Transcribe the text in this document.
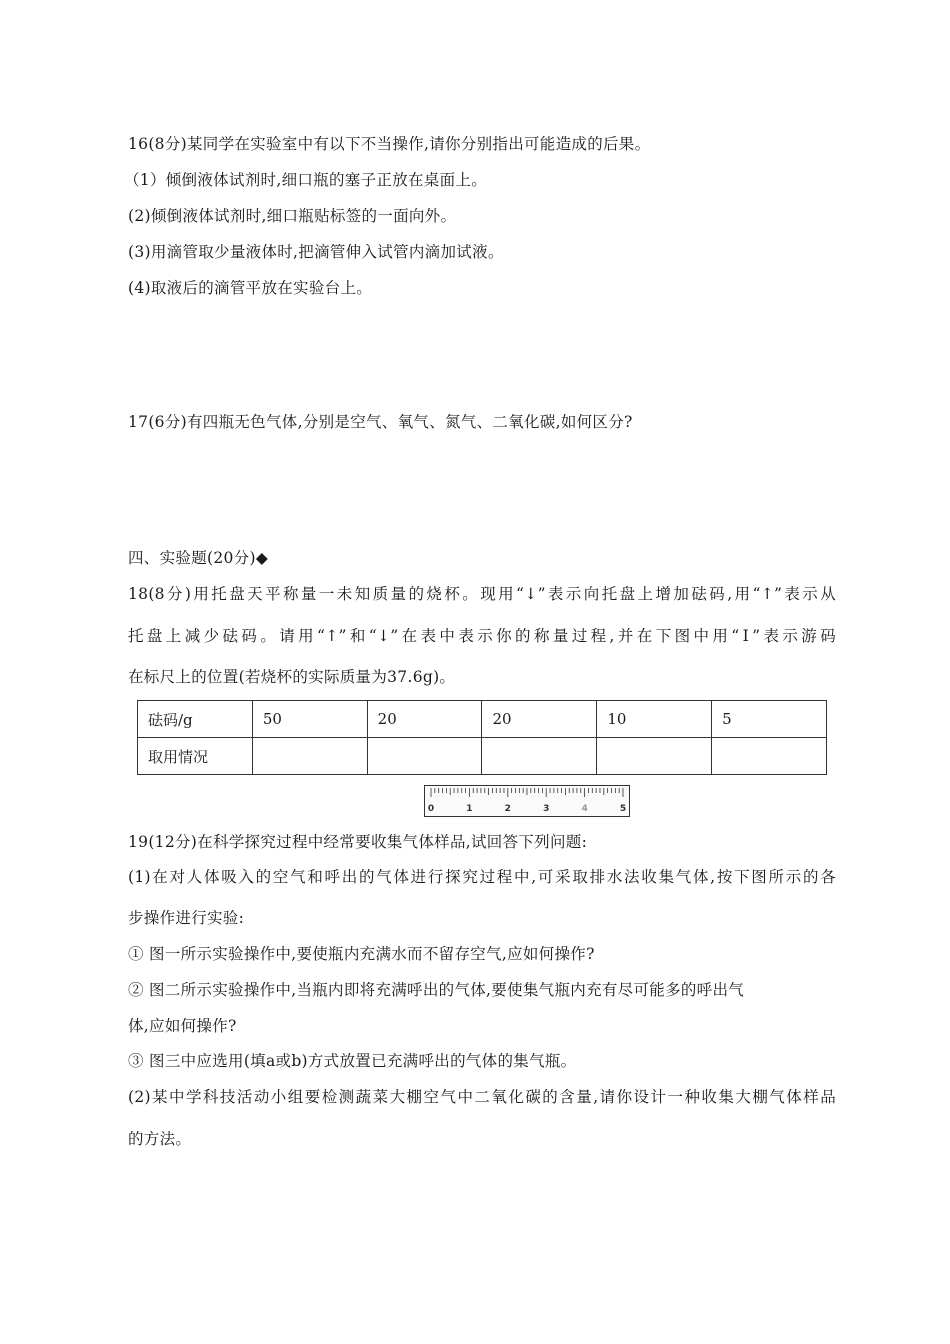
16(8分)某同学在实验室中有以下不当操作,请你分别指出可能造成的后果。
（1）倾倒液体试剂时,细口瓶的塞子正放在桌面上。
(2)倾倒液体试剂时,细口瓶贴标签的一面向外。
(3)用滴管取少量液体时,把滴管伸入试管内滴加试液。
(4)取液后的滴管平放在实验台上。
17(6分)有四瓶无色气体,分别是空气、氧气、氮气、二氧化碳,如何区分?
四、实验题(20分)◆
18(8分)用托盘天平称量一未知质量的烧杯。现用“↓”表示向托盘上增加砝码,用“↑”表示从
托盘上减少砝码。请用“↑”和“↓”在表中表示你的称量过程,并在下图中用“Ⅰ”表示游码
在标尺上的位置(若烧杯的实际质量为37.6g)。
砝码/g	50	20	20	10	5
取用情况					
0	1	2	3	4	5
19(12分)在科学探究过程中经常要收集气体样品,试回答下列问题:
(1)在对人体吸入的空气和呼出的气体进行探究过程中,可采取排水法收集气体,按下图所示的各
步操作进行实验:
① 图一所示实验操作中,要使瓶内充满水而不留存空气,应如何操作?
② 图二所示实验操作中,当瓶内即将充满呼出的气体,要使集气瓶内充有尽可能多的呼出气
体,应如何操作?
③ 图三中应选用(填a或b)方式放置已充满呼出的气体的集气瓶。
(2)某中学科技活动小组要检测蔬菜大棚空气中二氧化碳的含量,请你设计一种收集大棚气体样品
的方法。
